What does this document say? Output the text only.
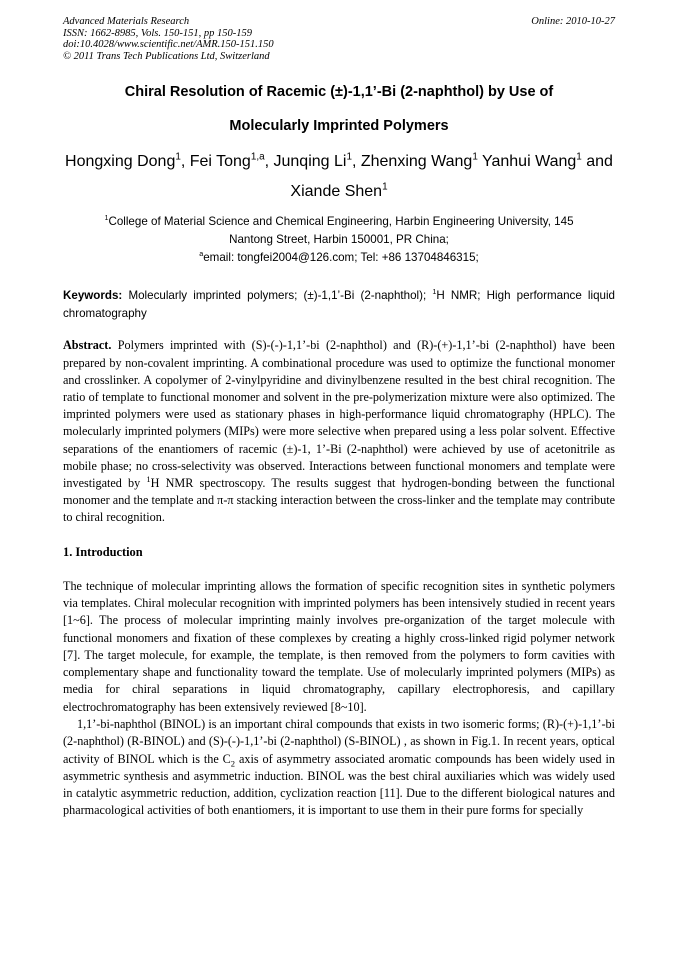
Advanced Materials Research
ISSN: 1662-8985, Vols. 150-151, pp 150-159
doi:10.4028/www.scientific.net/AMR.150-151.150
© 2011 Trans Tech Publications Ltd, Switzerland
Online: 2010-10-27
Chiral Resolution of Racemic (±)-1,1’-Bi (2-naphthol) by Use of
Molecularly Imprinted Polymers
Hongxing Dong$^1$, Fei Tong$^{1,a}$, Junqing Li$^1$, Zhenxing Wang$^1$ Yanhui Wang$^1$ and
Xiande Shen$^1$
$^1$College of Material Science and Chemical Engineering, Harbin Engineering University, 145
Nantong Street, Harbin 150001, PR China;
$^a$email: tongfei2004@126.com; Tel: +86 13704846315;
Keywords: Molecularly imprinted polymers; (±)-1,1’-Bi (2-naphthol); $^1$H NMR; High performance liquid chromatography
Abstract. Polymers imprinted with (S)-(-)-1,1’-bi (2-naphthol) and (R)-(+)-1,1’-bi (2-naphthol) have been prepared by non-covalent imprinting. A combinational procedure was used to optimize the functional monomer and crosslinker. A copolymer of 2-vinylpyridine and divinylbenzene resulted in the best chiral recognition. The ratio of template to functional monomer and solvent in the pre-polymerization mixture were also optimized. The imprinted polymers were used as stationary phases in high-performance liquid chromatography (HPLC). The molecularly imprinted polymers (MIPs) were more selective when prepared using a less polar solvent. Effective separations of the enantiomers of racemic (±)-1, 1’-Bi (2-naphthol) were achieved by use of acetonitrile as mobile phase; no cross-selectivity was observed. Interactions between functional monomers and template were investigated by $^1$H NMR spectroscopy. The results suggest that hydrogen-bonding between the functional monomer and the template and π-π stacking interaction between the cross-linker and the template may contribute to chiral recognition.
1. Introduction

The technique of molecular imprinting allows the formation of specific recognition sites in synthetic polymers via templates. Chiral molecular recognition with imprinted polymers has been intensively studied in recent years [1~6]. The process of molecular imprinting mainly involves pre-organization of the target molecule with functional monomers and fixation of these complexes by creating a highly cross-linked rigid polymer network [7]. The target molecule, for example, the template, is then removed from the polymers to form cavities with complementary shape and functionality toward the template. Use of molecularly imprinted polymers (MIPs) as media for chiral separations in liquid chromatography, capillary electrophoresis, and capillary electrochromatography has been extensively reviewed [8~10].

1,1’-bi-naphthol (BINOL) is an important chiral compounds that exists in two isomeric forms; (R)-(+)-1,1’-bi (2-naphthol) (R-BINOL) and (S)-(-)-1,1’-bi (2-naphthol) (S-BINOL) , as shown in Fig.1. In recent years, optical activity of BINOL which is the $C_2$ axis of asymmetry associated aromatic compounds has been widely used in asymmetric synthesis and asymmetric induction. BINOL was the best chiral auxiliaries which was widely used in catalytic asymmetric reduction, addition, cyclization reaction [11]. Due to the different biological natures and pharmacological activities of both enantiomers, it is important to use them in their pure forms for specially
